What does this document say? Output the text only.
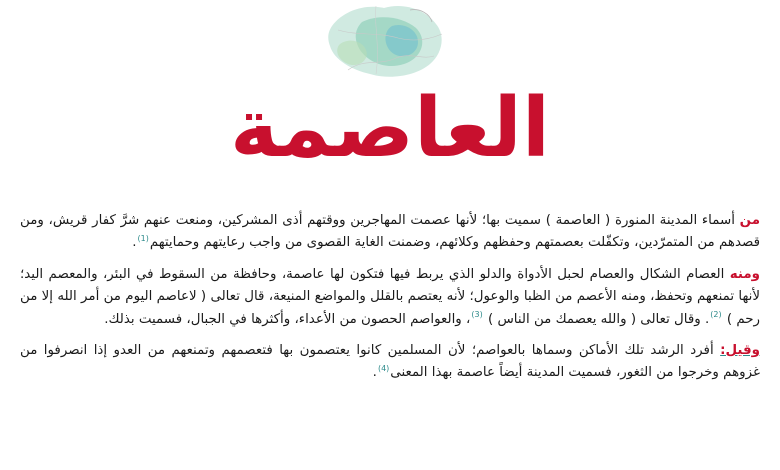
العاصمة

من أسماء المدينة المنورة ( العاصمة ) سميت بها؛ لأنها عصمت المهاجرين ووقتهم أذى المشركين، ومنعت عنهم شرَّ كفار قريش، ومن قصدهم من المتمرّدين، وتكفّلت بعصمتهم وحفظهم وكلائهم، وضمنت الغاية القصوى من واجب رعايتهم وحمايتهم$^{(1)}$.

ومنه العصام الشكال والعصام لحبل الأدواة والدلو الذي يربط فيها فتكون لها عاصمة، وحافظة من السقوط في البئر، والمعصم اليد؛ لأنها تمنعهم وتحفظ، ومنه الأعصم من الظبا والوعول؛ لأنه يعتصم بالقلل والمواضع المنيعة، قال تعالى ( لاعاصم اليوم من أمر الله إلا من رحم ) $^{(2)}$. وقال تعالى ( والله يعصمك من الناس ) $^{(3)}$، والعواصم الحصون من الأعداء، وأكثرها في الجبال، فسميت بذلك.

وقيل: أفرد الرشد تلك الأماكن وسماها بالعواصم؛ لأن المسلمين كانوا يعتصمون بها فتعصمهم وتمنعهم من العدو إذا انصرفوا من غزوهم وخرجوا من الثغور، فسميت المدينة أيضاً عاصمة بهذا المعنى$^{(4)}$.
